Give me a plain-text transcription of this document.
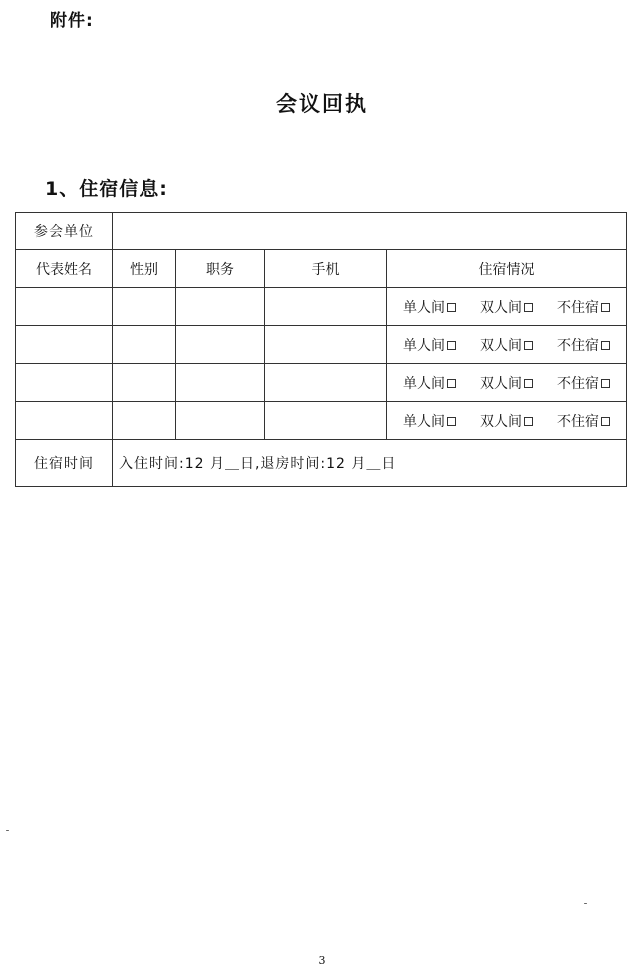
附件:
会议回执
1、住宿信息:
参会单位				
代表姓名	性别	职务	手机	住宿情况

				单人间 双人间 不住宿

				单人间 双人间 不住宿

				单人间 双人间 不住宿

				单人间 双人间 不住宿

住宿时间	入住时间:12 月＿日,退房时间:12 月＿日			
3
